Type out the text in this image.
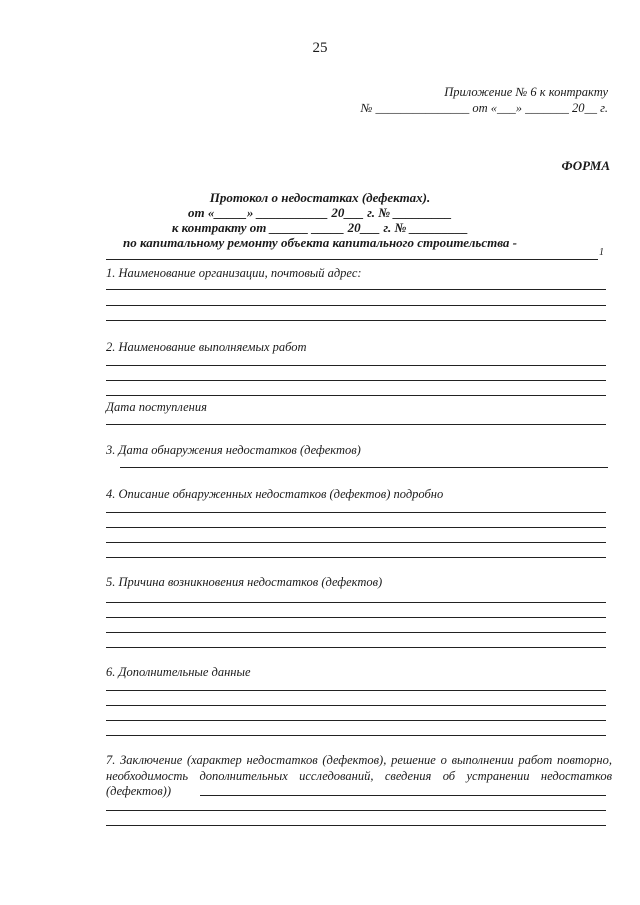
25
Приложение № 6 к контракту
№ _______________ от «___» _______ 20__ г.
ФОРМА
Протокол о недостатках (дефектах).
от «_____» ___________ 20___ г. № _________
к контракту от ______ _____ 20___ г. № _________
по капитальному ремонту объекта капитального строительства -
1
1. Наименование организации, почтовый адрес:
2. Наименование выполняемых работ
Дата поступления
3. Дата обнаружения недостатков (дефектов)
4. Описание обнаруженных недостатков (дефектов) подробно
5. Причина возникновения недостатков (дефектов)
6. Дополнительные данные
7. Заключение (характер недостатков (дефектов), решение о выполнении работ повторно, необходимость дополнительных исследований, сведения об устранении недостатков (дефектов))
